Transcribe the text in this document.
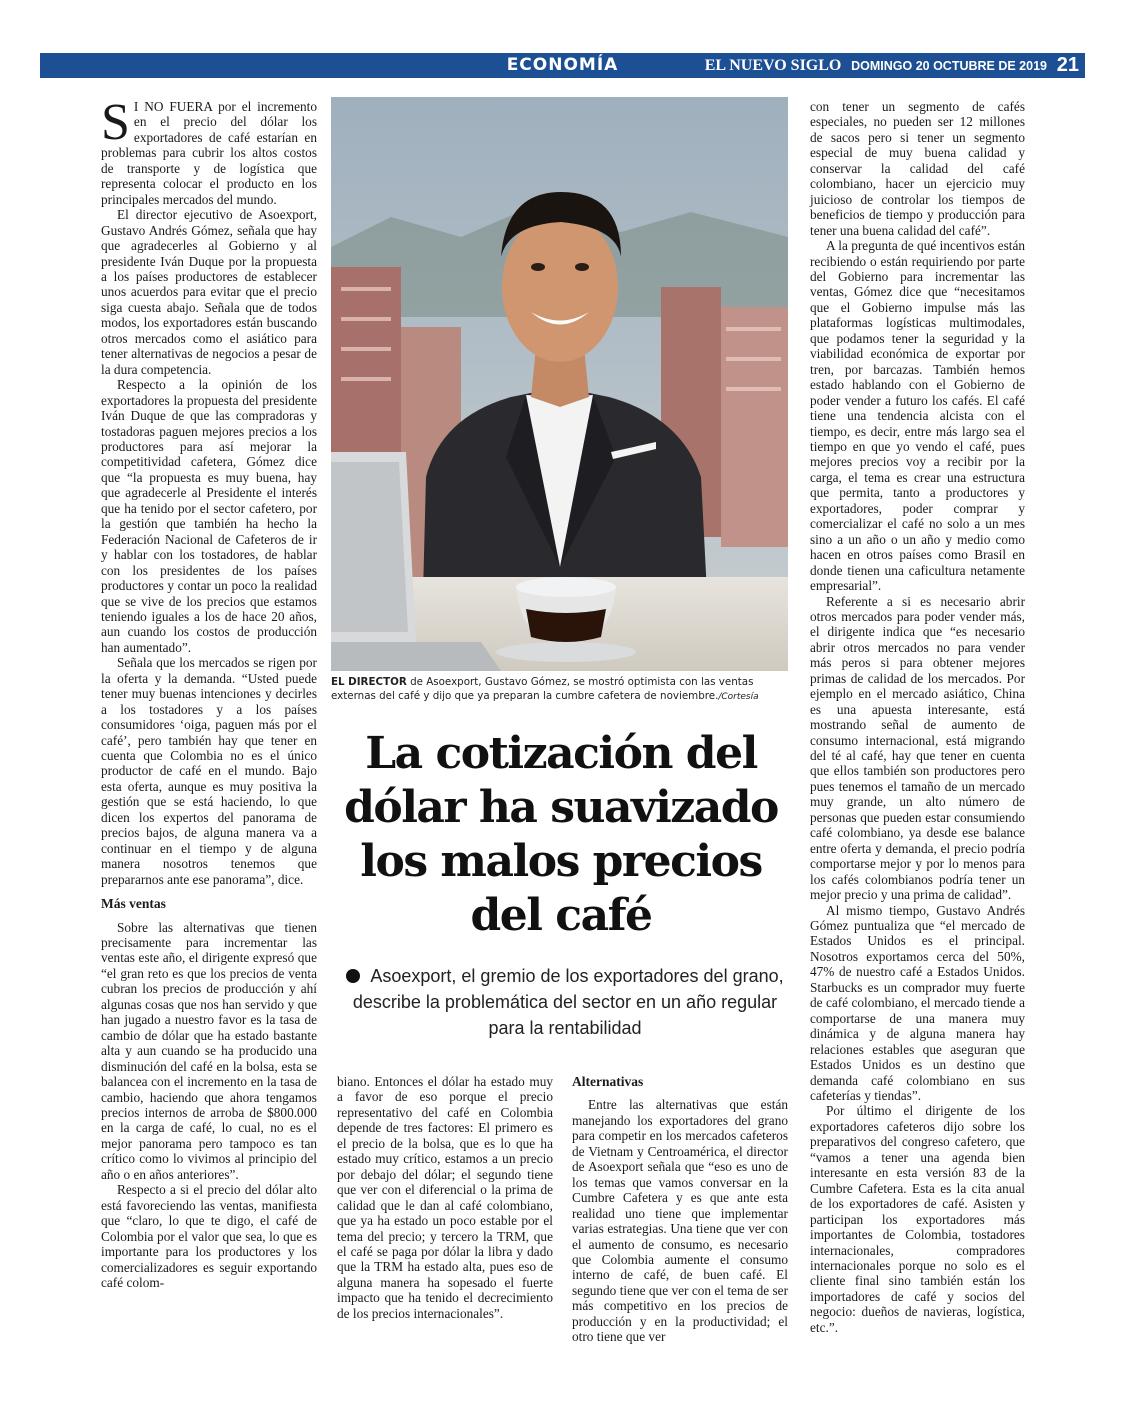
ECONOMÍA	EL NUEVO SIGLO DOMINGO 20 OCTUBRE DE 2019 21

S I NO FUERA por el incremento en el precio del dólar los exportadores de café estarían en problemas para cubrir los altos costos de transporte y de logística que representa colocar el producto en los principales mercados del mundo.

El director ejecutivo de Asoexport, Gustavo Andrés Gómez, señala que hay que agradecerles al Gobierno y al presidente Iván Duque por la propuesta a los países productores de establecer unos acuerdos para evitar que el precio siga cuesta abajo. Señala que de todos modos, los exportadores están buscando otros mercados como el asiático para tener alternativas de negocios a pesar de la dura competencia.

Respecto a la opinión de los exportadores la propuesta del presidente Iván Duque de que las compradoras y tostadoras paguen mejores precios a los productores para así mejorar la competitividad cafetera, Gómez dice que “la propuesta es muy buena, hay que agradecerle al Presidente el interés que ha tenido por el sector cafetero, por la gestión que también ha hecho la Federación Nacional de Cafeteros de ir y hablar con los tostadores, de hablar con los presidentes de los países productores y contar un poco la realidad que se vive de los precios que estamos teniendo iguales a los de hace 20 años, aun cuando los costos de producción han aumentado”.

Señala que los mercados se rigen por la oferta y la demanda. “Usted puede tener muy buenas intenciones y decirles a los tostadores y a los países consumidores ‘oiga, paguen más por el café’, pero también hay que tener en cuenta que Colombia no es el único productor de café en el mundo. Bajo esta oferta, aunque es muy positiva la gestión que se está haciendo, lo que dicen los expertos del panorama de precios bajos, de alguna manera va a continuar en el tiempo y de alguna manera nosotros tenemos que prepararnos ante ese panorama”, dice.

Más ventas

Sobre las alternativas que tienen precisamente para incrementar las ventas este año, el dirigente expresó que “el gran reto es que los precios de venta cubran los precios de producción y ahí algunas cosas que nos han servido y que han jugado a nuestro favor es la tasa de cambio de dólar que ha estado bastante alta y aun cuando se ha producido una disminución del café en la bolsa, esta se balancea con el incremento en la tasa de cambio, haciendo que ahora tengamos precios internos de arroba de $800.000 en la carga de café, lo cual, no es el mejor panorama pero tampoco es tan crítico como lo vivimos al principio del año o en años anteriores”.

Respecto a si el precio del dólar alto está favoreciendo las ventas, manifiesta que “claro, lo que te digo, el café de Colombia por el valor que sea, lo que es importante para los productores y los comercializadores es seguir exportando café colom-

EL DIRECTOR de Asoexport, Gustavo Gómez, se mostró optimista con las ventas externas del café y dijo que ya preparan la cumbre cafetera de noviembre./Cortesía
La cotización del dólar ha suavizado los malos precios del café
Asoexport, el gremio de los exportadores del grano, describe la problemática del sector en un año regular para la rentabilidad

biano. Entonces el dólar ha estado muy a favor de eso porque el precio representativo del café en Colombia depende de tres factores: El primero es el precio de la bolsa, que es lo que ha estado muy crítico, estamos a un precio por debajo del dólar; el segundo tiene que ver con el diferencial o la prima de calidad que le dan al café colombiano, que ya ha estado un poco estable por el tema del precio; y tercero la TRM, que el café se paga por dólar la libra y dado que la TRM ha estado alta, pues eso de alguna manera ha sopesado el fuerte impacto que ha tenido el decrecimiento de los precios internacionales”.

Alternativas

Entre las alternativas que están manejando los exportadores del grano para competir en los mercados cafeteros de Vietnam y Centroamérica, el director de Asoexport señala que “eso es uno de los temas que vamos conversar en la Cumbre Cafetera y es que ante esta realidad uno tiene que implementar varias estrategias. Una tiene que ver con el aumento de consumo, es necesario que Colombia aumente el consumo interno de café, de buen café. El segundo tiene que ver con el tema de ser más competitivo en los precios de producción y en la productividad; el otro tiene que ver

con tener un segmento de cafés especiales, no pueden ser 12 millones de sacos pero si tener un segmento especial de muy buena calidad y conservar la calidad del café colombiano, hacer un ejercicio muy juicioso de controlar los tiempos de beneficios de tiempo y producción para tener una buena calidad del café”.

A la pregunta de qué incentivos están recibiendo o están requiriendo por parte del Gobierno para incrementar las ventas, Gómez dice que “necesitamos que el Gobierno impulse más las plataformas logísticas multimodales, que podamos tener la seguridad y la viabilidad económica de exportar por tren, por barcazas. También hemos estado hablando con el Gobierno de poder vender a futuro los cafés. El café tiene una tendencia alcista con el tiempo, es decir, entre más largo sea el tiempo en que yo vendo el café, pues mejores precios voy a recibir por la carga, el tema es crear una estructura que permita, tanto a productores y exportadores, poder comprar y comercializar el café no solo a un mes sino a un año o un año y medio como hacen en otros países como Brasil en donde tienen una caficultura netamente empresarial”.

Referente a si es necesario abrir otros mercados para poder vender más, el dirigente indica que “es necesario abrir otros mercados no para vender más peros si para obtener mejores primas de calidad de los mercados. Por ejemplo en el mercado asiático, China es una apuesta interesante, está mostrando señal de aumento de consumo internacional, está migrando del té al café, hay que tener en cuenta que ellos también son productores pero pues tenemos el tamaño de un mercado muy grande, un alto número de personas que pueden estar consumiendo café colombiano, ya desde ese balance entre oferta y demanda, el precio podría comportarse mejor y por lo menos para los cafés colombianos podría tener un mejor precio y una prima de calidad”.

Al mismo tiempo, Gustavo Andrés Gómez puntualiza que “el mercado de Estados Unidos es el principal. Nosotros exportamos cerca del 50%, 47% de nuestro café a Estados Unidos. Starbucks es un comprador muy fuerte de café colombiano, el mercado tiende a comportarse de una manera muy dinámica y de alguna manera hay relaciones estables que aseguran que Estados Unidos es un destino que demanda café colombiano en sus cafeterías y tiendas”.

Por último el dirigente de los exportadores cafeteros dijo sobre los preparativos del congreso cafetero, que “vamos a tener una agenda bien interesante en esta versión 83 de la Cumbre Cafetera. Esta es la cita anual de los exportadores de café. Asisten y participan los exportadores más importantes de Colombia, tostadores internacionales, compradores internacionales porque no solo es el cliente final sino también están los importadores de café y socios del negocio: dueños de navieras, logística, etc.”.
